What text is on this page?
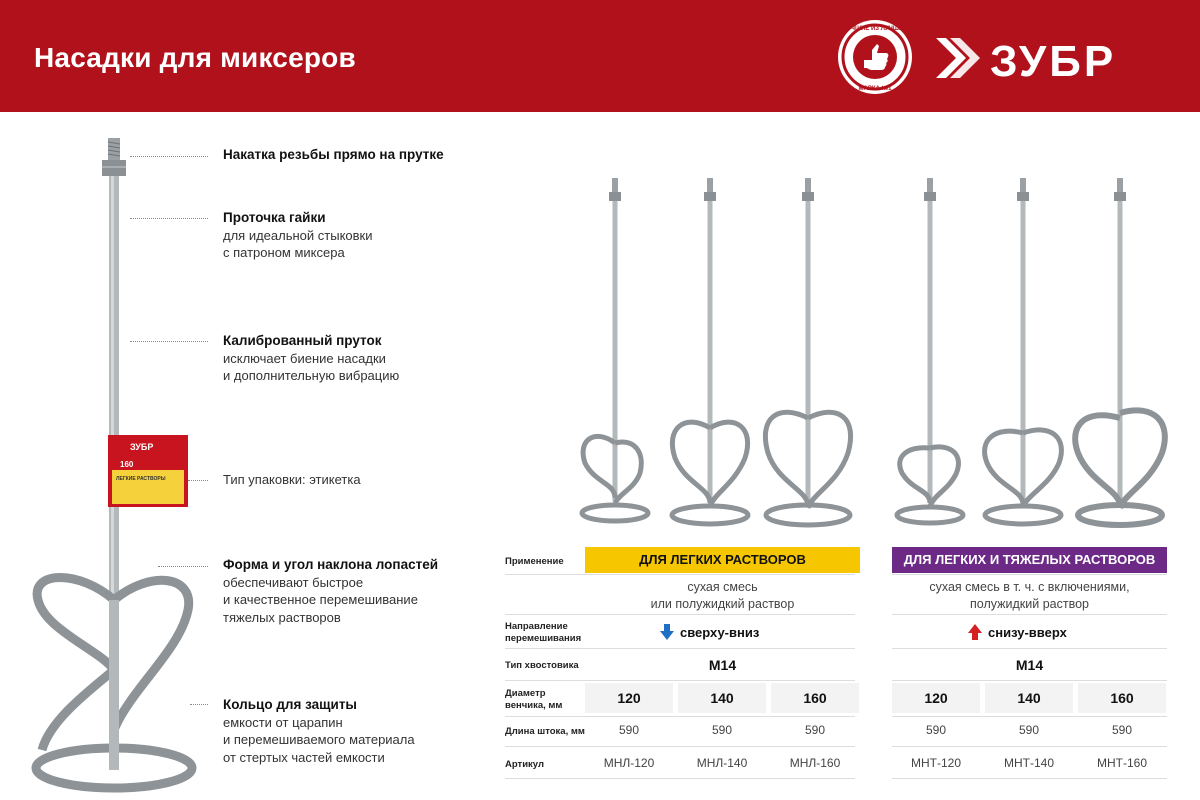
Насадки для миксеров
ЛУЧШИЕ ИЗ ЛУЧШИХ
МАРКА №1
ЗУБР
ЗУБР
160
ЛЕГКИЕ РАСТВОРЫ
Накатка резьбы прямо на прутке
Проточка гайки
для идеальной стыковки
с патроном миксера
Калиброванный пруток
исключает биение насадки
и дополнительную вибрацию
Тип упаковки: этикетка
Форма и угол наклона лопастей
обеспечивают быстрое
и качественное перемешивание
тяжелых растворов
Кольцо для защиты
емкости от царапин
и перемешиваемого материала
от стертых частей емкости
Применение	ДЛЯ ЛЕГКИХ РАСТВОРОВ	ДЛЯ ЛЕГКИХ И ТЯЖЕЛЫХ РАСТВОРОВ
сухая смесь
или полужидкий раствор
сухая смесь в т. ч. с включениями,
полужидкий раствор
Направление
перемешивания	сверху-вниз	снизу-вверх
Тип хвостовика	М14	М14
Диаметр
венчика, мм	120	140	160	120	140	160
Длина штока, мм	590	590	590	590	590	590
Артикул	МНЛ-120	МНЛ-140	МНЛ-160	МНТ-120	МНТ-140	МНТ-160
